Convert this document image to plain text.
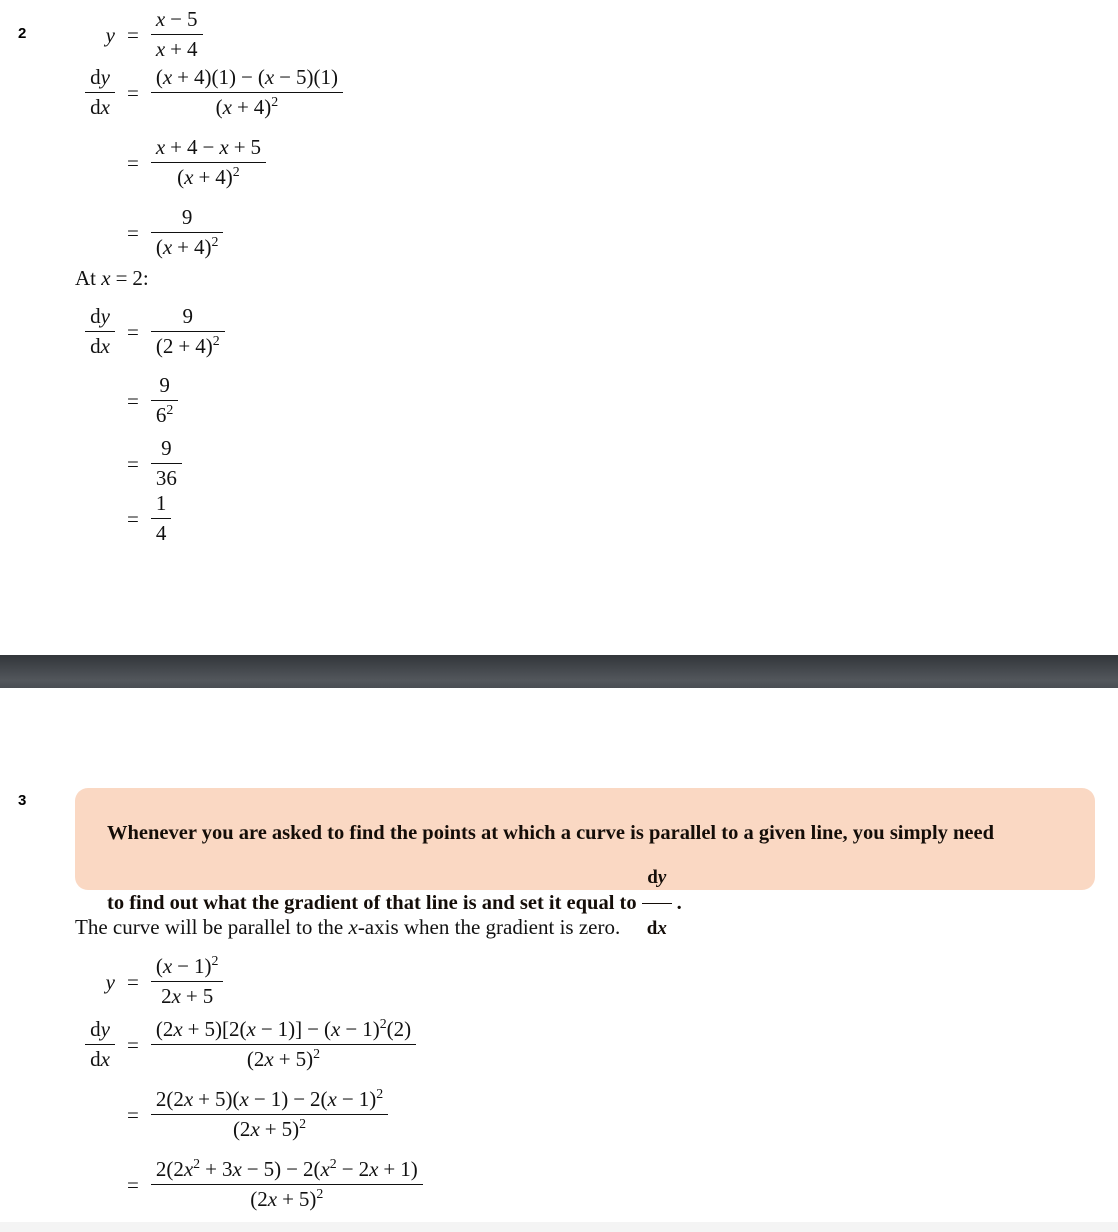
2	$y = \frac{x - 5}{x + 4}$
$\frac{dy}{dx} = \frac{(x + 4)(1) - (x - 5)(1)}{(x + 4)^2}$
= $\frac{x + 4 - x + 5}{(x + 4)^2}$
= $\frac{9}{(x + 4)^2}$
At x = 2:
$\frac{dy}{dx} = \frac{9}{(2 + 4)^2}$
= $\frac{9}{6^2}$
= $\frac{9}{36}$
= $\frac{1}{4}$
3

Whenever you are asked to find the points at which a curve is parallel to a given line, you simply need

to find out what the gradient of that line is and set it equal to $\frac{dy}{dx}$ .

The curve will be parallel to the x-axis when the gradient is zero.
$y = \frac{(x - 1)^2}{2x + 5}$
$\frac{dy}{dx} = \frac{(2x + 5)[2(x - 1)] - (x - 1)^2(2)}{(2x + 5)^2}$
= $\frac{2(2x + 5)(x - 1) - 2(x - 1)^2}{(2x + 5)^2}$
= $\frac{2(2x^2 + 3x - 5) - 2(x^2 - 2x + 1)}{(2x + 5)^2}$
